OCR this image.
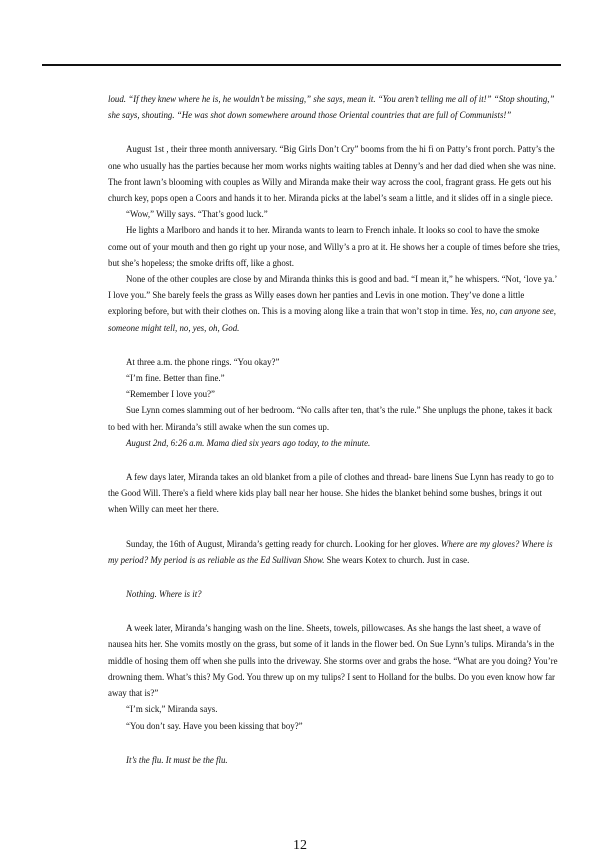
loud. “If they knew where he is, he wouldn’t be missing,” she says, mean it. “You aren’t telling me all of it!” “Stop shouting,” she says, shouting. “He was shot down somewhere around those Oriental countries that are full of Communists!”

August 1st , their three month anniversary. “Big Girls Don’t Cry” booms from the hi fi on Patty’s front porch. Patty’s the one who usually has the parties because her mom works nights waiting tables at Denny’s and her dad died when she was nine. The front lawn’s blooming with couples as Willy and Miranda make their way across the cool, fragrant grass. He gets out his church key, pops open a Coors and hands it to her. Miranda picks at the label’s seam a little, and it slides off in a single piece.

“Wow,” Willy says. “That’s good luck.”

He lights a Marlboro and hands it to her. Miranda wants to learn to French inhale. It looks so cool to have the smoke come out of your mouth and then go right up your nose, and Willy’s a pro at it. He shows her a couple of times before she tries, but she’s hopeless; the smoke drifts off, like a ghost.

None of the other couples are close by and Miranda thinks this is good and bad. “I mean it,” he whispers. “Not, ‘love ya.’ I love you.” She barely feels the grass as Willy eases down her panties and Levis in one motion. They’ve done a little exploring before, but with their clothes on. This is a moving along like a train that won’t stop in time. Yes, no, can anyone see, someone might tell, no, yes, oh, God.

At three a.m. the phone rings. “You okay?”

“I’m fine. Better than fine.”

“Remember I love you?”

Sue Lynn comes slamming out of her bedroom. “No calls after ten, that’s the rule.” She unplugs the phone, takes it back to bed with her. Miranda’s still awake when the sun comes up.

August 2nd, 6:26 a.m. Mama died six years ago today, to the minute.

A few days later, Miranda takes an old blanket from a pile of clothes and thread- bare linens Sue Lynn has ready to go to the Good Will. There's a field where kids play ball near her house. She hides the blanket behind some bushes, brings it out when Willy can meet her there.

Sunday, the 16th of August, Miranda’s getting ready for church. Looking for her gloves. Where are my gloves? Where is my period? My period is as reliable as the Ed Sullivan Show. She wears Kotex to church. Just in case.

Nothing. Where is it?

A week later, Miranda’s hanging wash on the line. Sheets, towels, pillowcases. As she hangs the last sheet, a wave of nausea hits her. She vomits mostly on the grass, but some of it lands in the flower bed. On Sue Lynn’s tulips. Miranda’s in the middle of hosing them off when she pulls into the driveway. She storms over and grabs the hose. “What are you doing? You’re drowning them. What’s this? My God. You threw up on my tulips? I sent to Holland for the bulbs. Do you even know how far away that is?”

“I’m sick,” Miranda says.

“You don’t say. Have you been kissing that boy?”

It’s the flu. It must be the flu.

12
